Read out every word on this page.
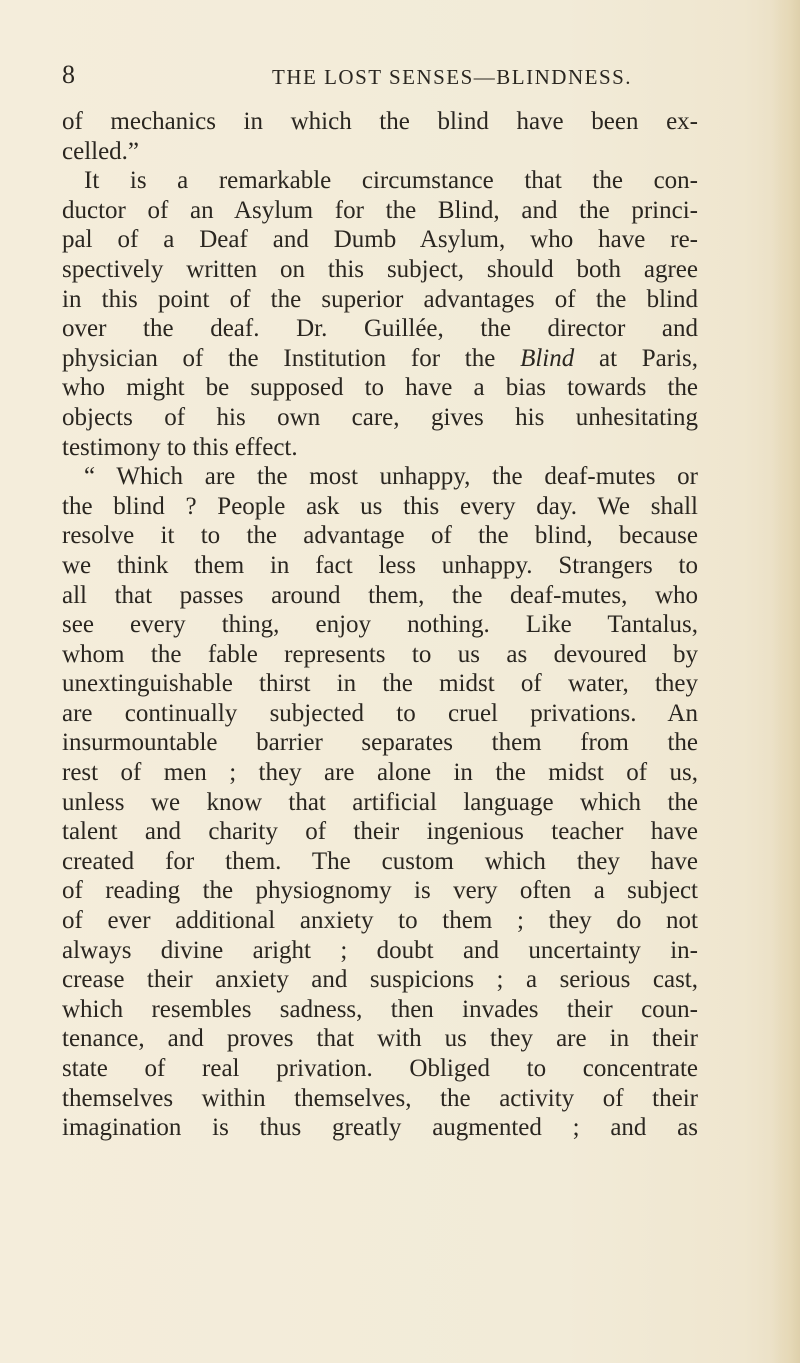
8	THE LOST SENSES—BLINDNESS.
of mechanics in which the blind have been ex-
celled.”
It is a remarkable circumstance that the con-
ductor of an Asylum for the Blind, and the princi-
pal of a Deaf and Dumb Asylum, who have re-
spectively written on this subject, should both agree
in this point of the superior advantages of the blind
over the deaf. Dr. Guillée, the director and
physician of the Institution for the Blind at Paris,
who might be supposed to have a bias towards the
objects of his own care, gives his unhesitating
testimony to this effect.
“ Which are the most unhappy, the deaf-mutes or
the blind ? People ask us this every day. We shall
resolve it to the advantage of the blind, because
we think them in fact less unhappy. Strangers to
all that passes around them, the deaf-mutes, who
see every thing, enjoy nothing. Like Tantalus,
whom the fable represents to us as devoured by
unextinguishable thirst in the midst of water, they
are continually subjected to cruel privations. An
insurmountable barrier separates them from the
rest of men ; they are alone in the midst of us,
unless we know that artificial language which the
talent and charity of their ingenious teacher have
created for them. The custom which they have
of reading the physiognomy is very often a subject
of ever additional anxiety to them ; they do not
always divine aright ; doubt and uncertainty in-
crease their anxiety and suspicions ; a serious cast,
which resembles sadness, then invades their coun-
tenance, and proves that with us they are in their
state of real privation. Obliged to concentrate
themselves within themselves, the activity of their
imagination is thus greatly augmented ; and as
